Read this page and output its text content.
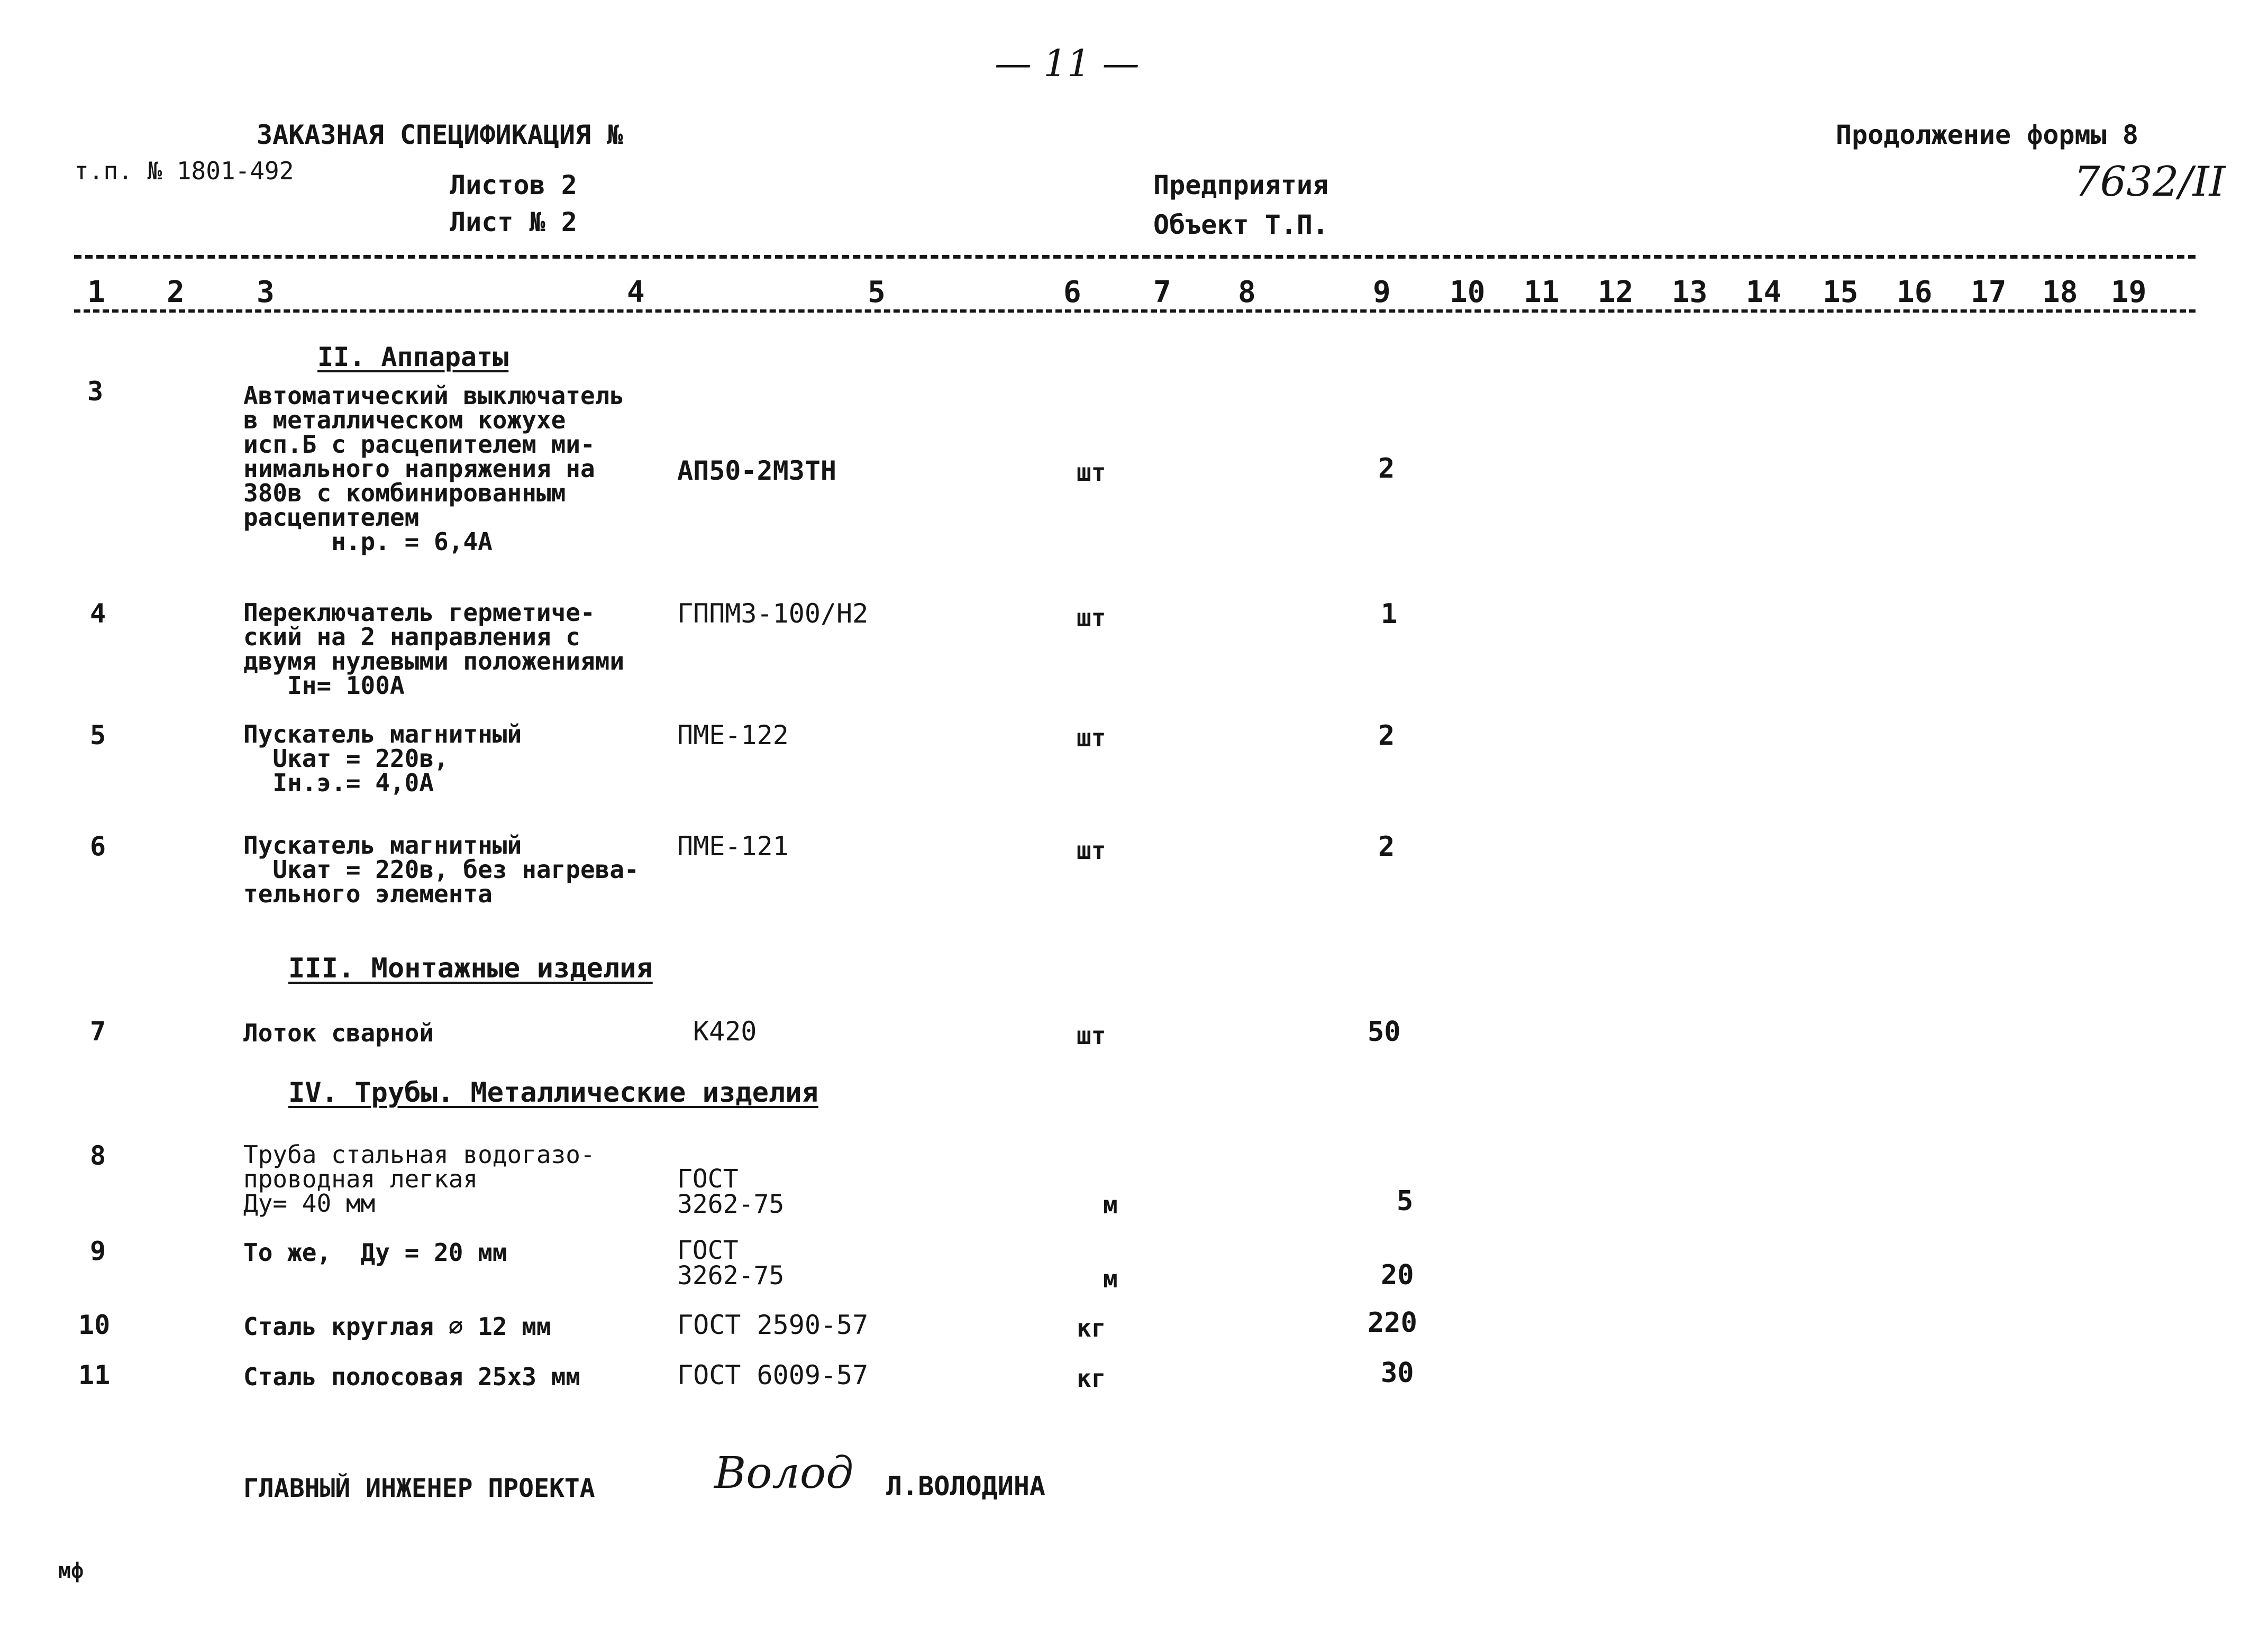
— 11 —
т.п. № 1801-492
ЗАКАЗНАЯ СПЕЦИФИКАЦИЯ №
Листов 2
Лист № 2
Предприятия
Объект Т.П.
Продолжение формы 8
7632/II
1 2 3	4	5	6 7 8	9 10 11 12 13 14 15 16 17 18 19
II. Аппараты
3	Автоматический выключатель
в металлическом кожухе
исп.Б с расцепителем ми-
нимального напряжения на
380в с комбинированным
расцепителем
н.р. = 6,4А
АП50-2МЗТН	шт	2
4	Переключатель герметиче-
ский на 2 направления с
двумя нулевыми положениями
Iн= 100А
ГППМЗ-100/Н2	шт	1
5	Пускатель магнитный
Uкат = 220в,
Iн.э.= 4,0А
ПМЕ-122	шт	2
6	Пускатель магнитный
Uкат = 220в, без нагрева-
тельного элемента
ПМЕ-121	шт	2
III. Монтажные изделия
7	Лоток сварной	К420	шт	50
IV. Трубы. Металлические изделия
8	Труба стальная водогазо-
проводная легкая
Ду= 40 мм
ГОСТ
3262-75	м	5
9	То же,  Ду = 20 мм	ГОСТ
3262-75	м	20
10	Сталь круглая ∅ 12 мм	ГОСТ 2590-57	кг	220
11	Сталь полосовая 25х3 мм	ГОСТ 6009-57	кг	30
ГЛАВНЫЙ ИНЖЕНЕР ПРОЕКТА	Волод Л.ВОЛОДИНА
мф
